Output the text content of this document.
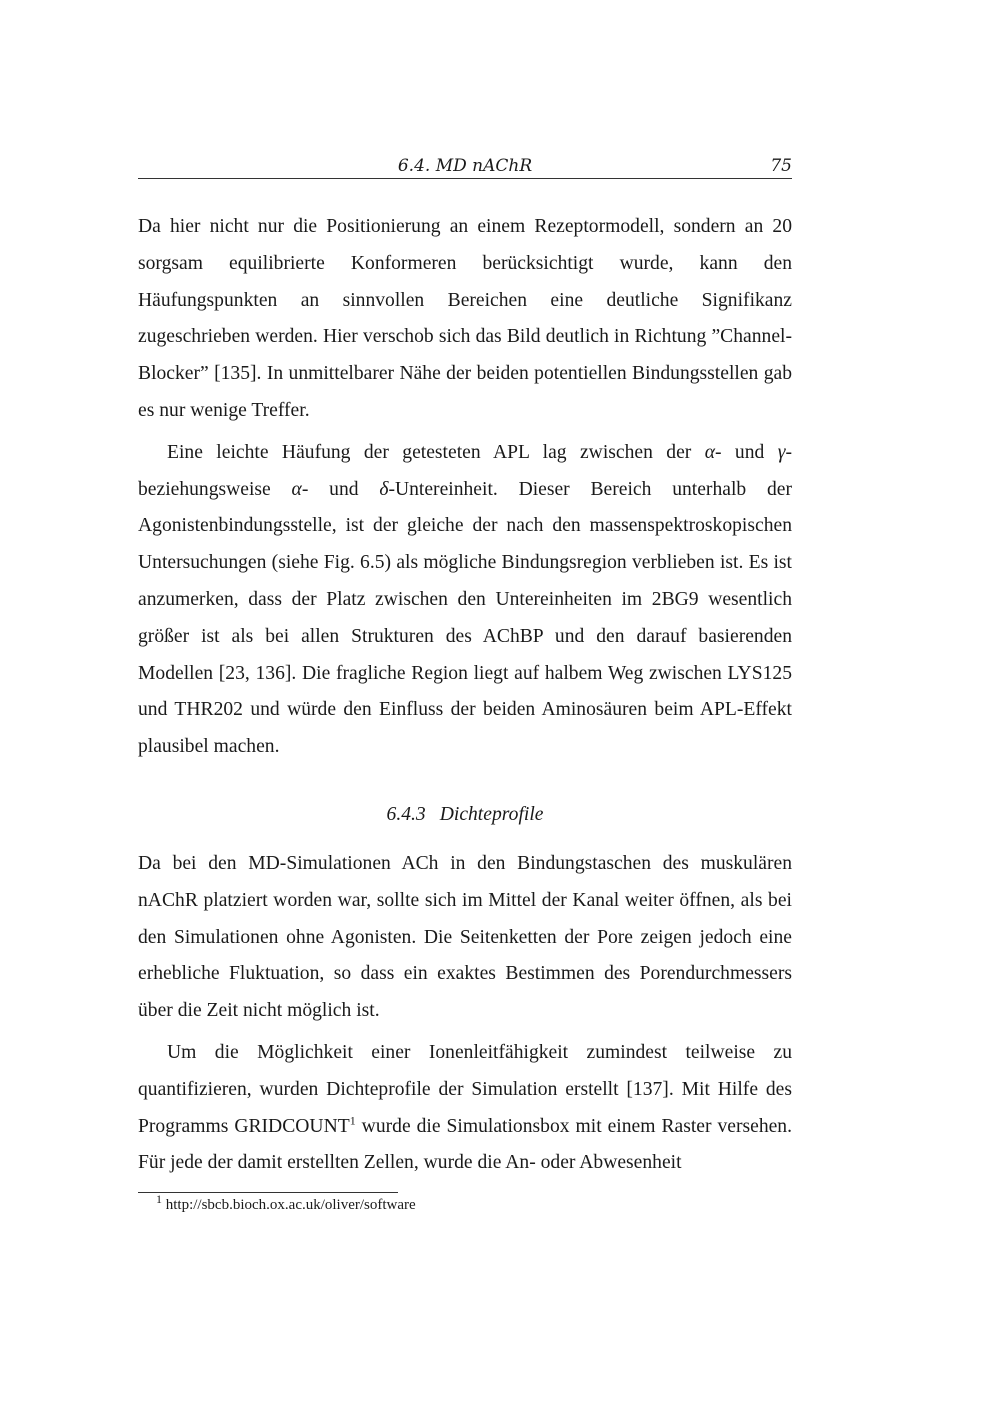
6.4. MD nAChR	75

Da hier nicht nur die Positionierung an einem Rezeptormodell, sondern an 20 sorgsam equilibrierte Konformeren berücksichtigt wurde, kann den Häufungspunkten an sinnvollen Bereichen eine deutliche Signifikanz zugeschrieben werden. Hier verschob sich das Bild deutlich in Richtung ”Channel-Blocker” [135]. In unmittelbarer Nähe der beiden potentiellen Bindungsstellen gab es nur wenige Treffer.

Eine leichte Häufung der getesteten APL lag zwischen der α- und γ-beziehungsweise α- und δ-Untereinheit. Dieser Bereich unterhalb der Agonistenbindungsstelle, ist der gleiche der nach den massenspektroskopischen Untersuchungen (siehe Fig. 6.5) als mögliche Bindungsregion verblieben ist. Es ist anzumerken, dass der Platz zwischen den Untereinheiten im 2BG9 wesentlich größer ist als bei allen Strukturen des AChBP und den darauf basierenden Modellen [23, 136]. Die fragliche Region liegt auf halbem Weg zwischen LYS125 und THR202 und würde den Einfluss der beiden Aminosäuren beim APL-Effekt plausibel machen.

6.4.3 Dichteprofile

Da bei den MD-Simulationen ACh in den Bindungstaschen des muskulären nAChR platziert worden war, sollte sich im Mittel der Kanal weiter öffnen, als bei den Simulationen ohne Agonisten. Die Seitenketten der Pore zeigen jedoch eine erhebliche Fluktuation, so dass ein exaktes Bestimmen des Porendurchmessers über die Zeit nicht möglich ist.

Um die Möglichkeit einer Ionenleitfähigkeit zumindest teilweise zu quantifizieren, wurden Dichteprofile der Simulation erstellt [137]. Mit Hilfe des Programms GRIDCOUNT$^1$ wurde die Simulationsbox mit einem Raster versehen. Für jede der damit erstellten Zellen, wurde die An- oder Abwesenheit

$^1$ http://sbcb.bioch.ox.ac.uk/oliver/software
